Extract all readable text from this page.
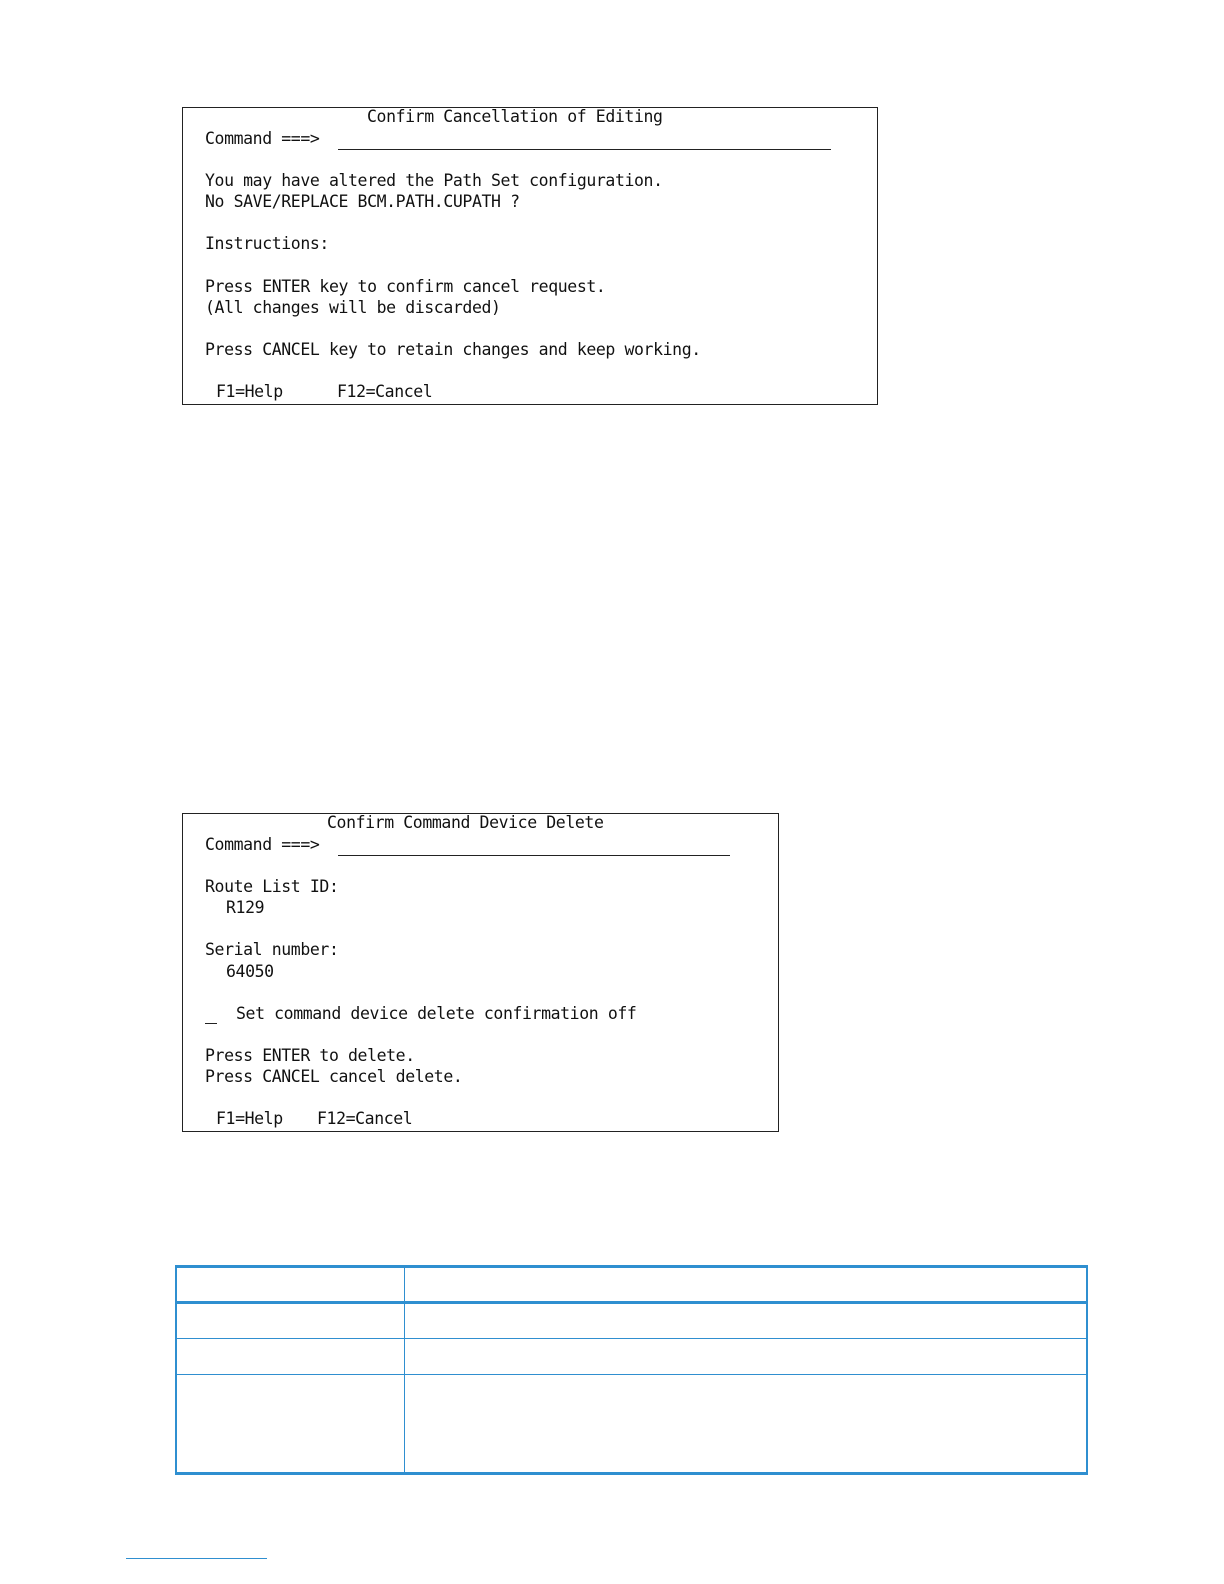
Confirm Cancellation of Editing
Command ===>
You may have altered the Path Set configuration.
No SAVE/REPLACE BCM.PATH.CUPATH ?
Instructions:
Press ENTER key to confirm cancel request.
(All changes will be discarded)
Press CANCEL key to retain changes and keep working.
F1=Help	F12=Cancel
Confirm Command Device Delete
Command ===>
Route List ID:
R129
Serial number:
64050
Set command device delete confirmation off
Press ENTER to delete.
Press CANCEL cancel delete.
F1=Help F12=Cancel
